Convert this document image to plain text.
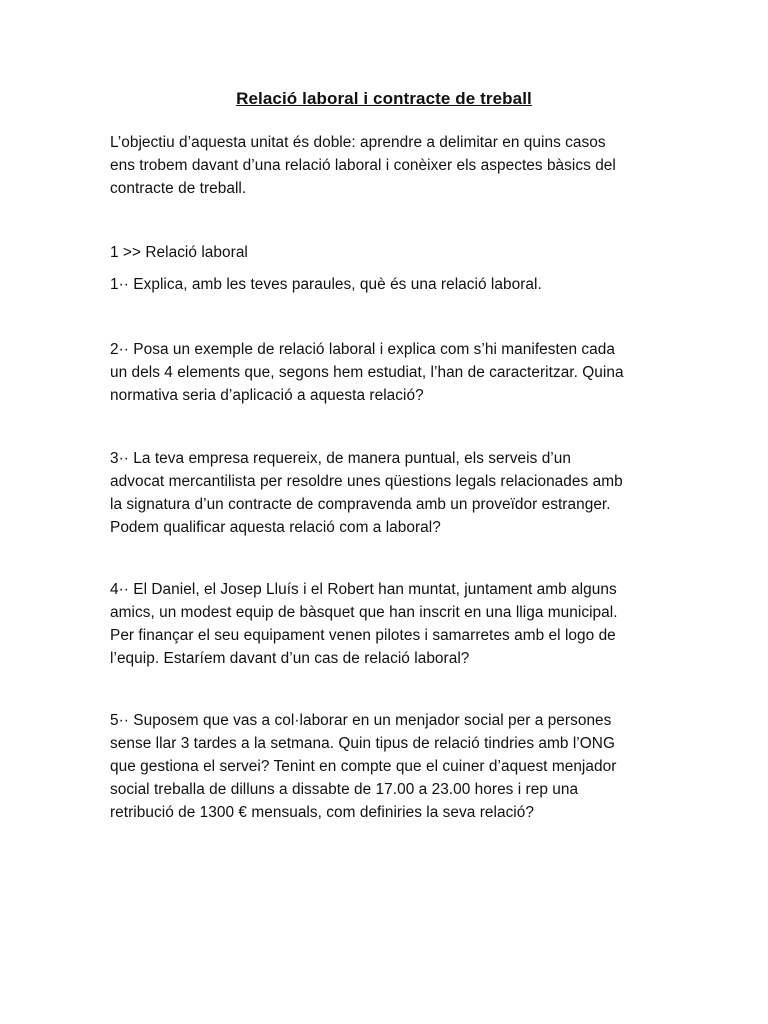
Relació laboral i contracte de treball
L’objectiu d’aquesta unitat és doble: aprendre a delimitar en quins casos
ens trobem davant d’una relació laboral i conèixer els aspectes bàsics del
contracte de treball.
1 >> Relació laboral
1·· Explica, amb les teves paraules, què és una relació laboral.
2·· Posa un exemple de relació laboral i explica com s’hi manifesten cada
un dels 4 elements que, segons hem estudiat, l’han de caracteritzar. Quina
normativa seria d’aplicació a aquesta relació?
3·· La teva empresa requereix, de manera puntual, els serveis d’un
advocat mercantilista per resoldre unes qüestions legals relacionades amb
la signatura d’un contracte de compravenda amb un proveïdor estranger.
Podem qualificar aquesta relació com a laboral?
4·· El Daniel, el Josep Lluís i el Robert han muntat, juntament amb alguns
amics, un modest equip de bàsquet que han inscrit en una lliga municipal.
Per finançar el seu equipament venen pilotes i samarretes amb el logo de
l’equip. Estaríem davant d’un cas de relació laboral?
5·· Suposem que vas a col·laborar en un menjador social per a persones
sense llar 3 tardes a la setmana. Quin tipus de relació tindries amb l’ONG
que gestiona el servei? Tenint en compte que el cuiner d’aquest menjador
social treballa de dilluns a dissabte de 17.00 a 23.00 hores i rep una
retribució de 1300 € mensuals, com definiries la seva relació?
